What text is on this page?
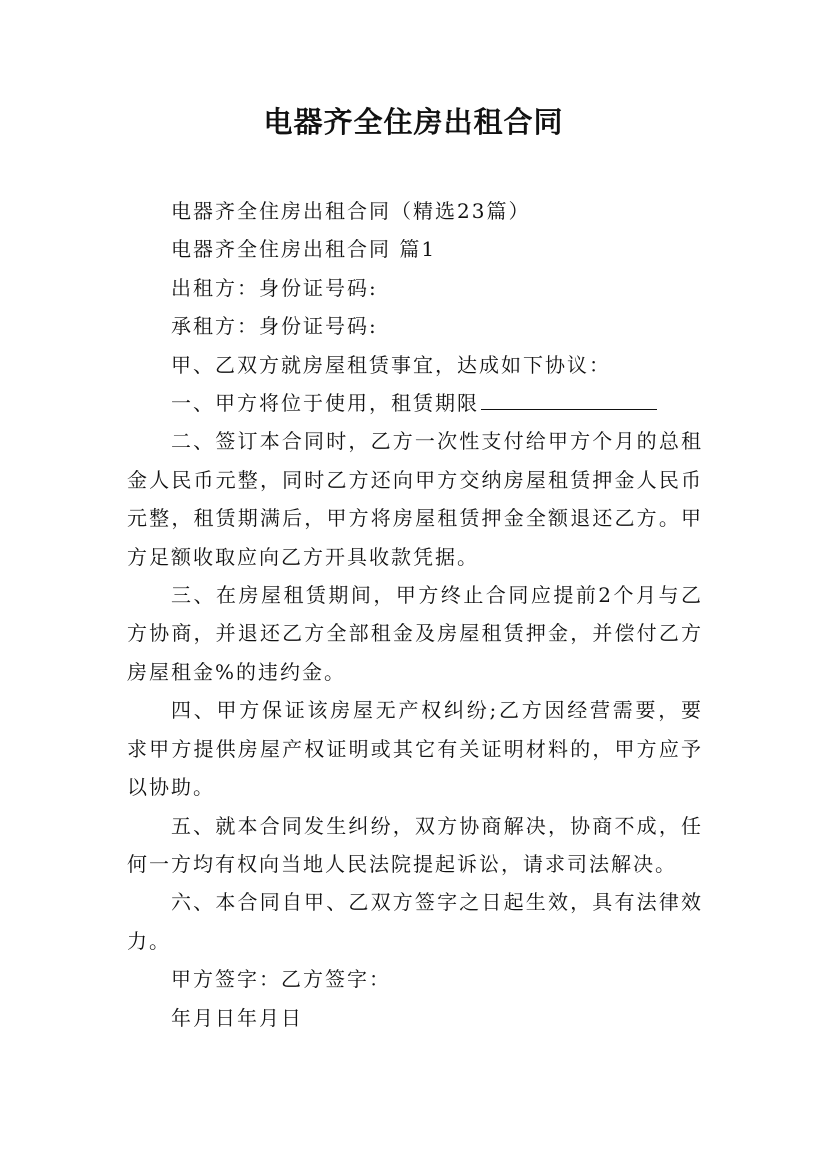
电器齐全住房出租合同

电器齐全住房出租合同（精选23篇）

电器齐全住房出租合同 篇1

出租方：身份证号码:

承租方：身份证号码:

甲、乙双方就房屋租赁事宜，达成如下协议：

一、甲方将位于使用，租赁期限

二、签订本合同时，乙方一次性支付给甲方个月的总租金人民币元整，同时乙方还向甲方交纳房屋租赁押金人民币元整，租赁期满后，甲方将房屋租赁押金全额退还乙方。甲方足额收取应向乙方开具收款凭据。

三、在房屋租赁期间，甲方终止合同应提前2个月与乙方协商，并退还乙方全部租金及房屋租赁押金，并偿付乙方房屋租金%的违约金。

四、甲方保证该房屋无产权纠纷;乙方因经营需要，要求甲方提供房屋产权证明或其它有关证明材料的，甲方应予以协助。

五、就本合同发生纠纷，双方协商解决，协商不成，任何一方均有权向当地人民法院提起诉讼，请求司法解决。

六、本合同自甲、乙双方签字之日起生效，具有法律效力。

甲方签字：乙方签字：

年月日年月日
